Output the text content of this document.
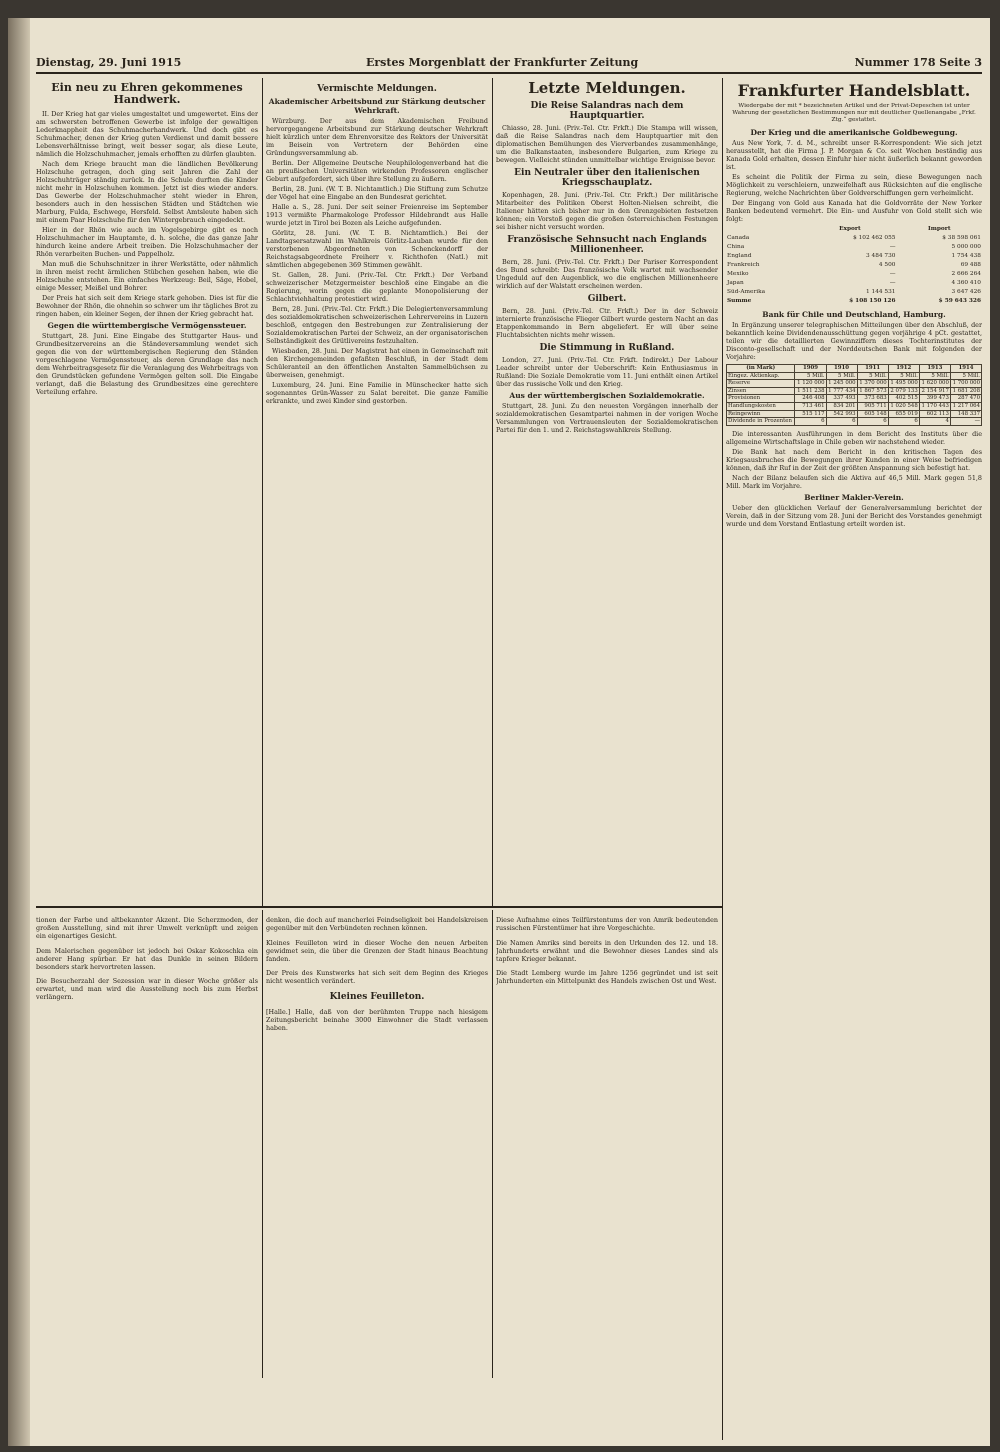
Dienstag, 29. Juni 1915	Erstes Morgenblatt der Frankfurter Zeitung	Nummer 178 Seite 3
Ein neu zu Ehren gekommenes Handwerk.

II. Der Krieg hat gar vieles umgestaltet und umgewertet. Eins der am schwersten betroffenen Gewerbe ist infolge der gewaltigen Lederknappheit das Schuhmacherhandwerk. Und doch gibt es Schuhmacher, denen der Krieg guten Verdienst und damit bessere Lebensverhältnisse bringt, weit besser sogar, als diese Leute, nämlich die Holzschuhmacher, jemals erhofften zu dürfen glaubten.

Nach dem Kriege braucht man die ländlichen Bevölkerung Holzschuhe getragen, doch ging seit Jahren die Zahl der Holzschuhträger ständig zurück. In die Schule durften die Kinder nicht mehr in Holzschuhen kommen. Jetzt ist dies wieder anders. Das Gewerbe der Holzschuhmacher steht wieder in Ehren, besonders auch in den hessischen Städten und Städtchen wie Marburg, Fulda, Eschwege, Hersfeld. Selbst Amtsleute haben sich mit einem Paar Holzschuhe für den Wintergebrauch eingedeckt.

Hier in der Rhön wie auch im Vogelsgebirge gibt es noch Holzschuhmacher im Hauptamte, d. h. solche, die das ganze Jahr hindurch keine andere Arbeit treiben. Die Holzschuhmacher der Rhön verarbeiten Buchen- und Pappelholz.

Man muß die Schuhschnitzer in ihrer Werkstätte, oder nähmlich in ihren meist recht ärmlichen Stübchen gesehen haben, wie die Holzschuhe entstehen. Ein einfaches Werkzeug: Beil, Säge, Hobel, einige Messer, Meißel und Bohrer.

Der Preis hat sich seit dem Kriege stark gehoben. Dies ist für die Bewohner der Rhön, die ohnehin so schwer um ihr tägliches Brot zu ringen haben, ein kleiner Segen, der ihnen der Krieg gebracht hat.

Gegen die württembergische Vermögenssteuer.

Stuttgart, 28. Juni. Eine Eingabe des Stuttgarter Haus- und Grundbesitzervereins an die Ständeversammlung wendet sich gegen die von der württembergischen Regierung den Ständen vorgeschlagene Vermögenssteuer, als deren Grundlage das nach dem Wehrbeitragsgesetz für die Veranlagung des Wehrbeitrags von den Grundstücken gefundene Vermögen gelten soll. Die Eingabe verlangt, daß die Belastung des Grundbesitzes eine gerechtere Verteilung erfahre.

Vermischte Meldungen.
Akademischer Arbeitsbund zur Stärkung deutscher Wehrkraft.

Würzburg. Der aus dem Akademischen Freibund hervorgegangene Arbeitsbund zur Stärkung deutscher Wehrkraft hielt kürzlich unter dem Ehrenvorsitze des Rektors der Universität im Beisein von Vertretern der Behörden eine Gründungsversammlung ab.

Berlin. Der Allgemeine Deutsche Neuphilologenverband hat die an preußischen Universitäten wirkenden Professoren englischer Geburt aufgefordert, sich über ihre Stellung zu äußern.

Berlin, 28. Juni. (W. T. B. Nichtamtlich.) Die Stiftung zum Schutze der Vögel hat eine Eingabe an den Bundesrat gerichtet.

Halle a. S., 28. Juni. Der seit seiner Freienreise im September 1913 vermißte Pharmakologe Professor Hildebrandt aus Halle wurde jetzt in Tirol bei Bozen als Leiche aufgefunden.

Görlitz, 28. Juni. (W. T. B. Nichtamtlich.) Bei der Landtagsersatzwahl im Wahlkreis Görlitz-Lauban wurde für den verstorbenen Abgeordneten von Schenckendorff der Reichstagsabgeordnete Freiherr v. Richthofen (Natl.) mit sämtlichen abgegebenen 369 Stimmen gewählt.

St. Gallen, 28. Juni. (Priv.-Tel. Ctr. Frkft.) Der Verband schweizerischer Metzgermeister beschloß eine Eingabe an die Regierung, worin gegen die geplante Monopolisierung der Schlachtviehhaltung protestiert wird.

Bern, 28. Juni. (Priv.-Tel. Ctr. Frkft.) Die Delegiertenversammlung des sozialdemokratischen schweizerischen Lehrervereins in Luzern beschloß, entgegen den Bestrebungen zur Zentralisierung der Sozialdemokratischen Partei der Schweiz, an der organisatorischen Selbständigkeit des Grütlivereins festzuhalten.

Wiesbaden, 28. Juni. Der Magistrat hat einen in Gemeinschaft mit den Kirchengemeinden gefaßten Beschluß, in der Stadt dem Schüleranteil an den öffentlichen Anstalten Sammelbüchsen zu überweisen, genehmigt.

Luxemburg, 24. Juni. Eine Familie in Münschecker hatte sich sogenanntes Grün-Wasser zu Salat bereitet. Die ganze Familie erkrankte, und zwei Kinder sind gestorben.

Letzte Meldungen.
Die Reise Salandras nach dem Hauptquartier.

Chiasso, 28. Juni. (Priv.-Tel. Ctr. Frkft.) Die Stampa will wissen, daß die Reise Salandras nach dem Hauptquartier mit den diplomatischen Bemühungen des Vierverbandes zusammenhänge, um die Balkanstaaten, insbesondere Bulgarien, zum Kriege zu bewegen. Vielleicht stünden unmittelbar wichtige Ereignisse bevor.

Ein Neutraler über den italienischen Kriegsschauplatz.

Kopenhagen, 28. Juni. (Priv.-Tel. Ctr. Frkft.) Der militärische Mitarbeiter des Politiken Oberst Holten-Nielsen schreibt, die Italiener hätten sich bisher nur in den Grenzgebieten festsetzen können; ein Vorstoß gegen die großen österreichischen Festungen sei bisher nicht versucht worden.

Französische Sehnsucht nach Englands Millionenheer.

Bern, 28. Juni. (Priv.-Tel. Ctr. Frkft.) Der Pariser Korrespondent des Bund schreibt: Das französische Volk wartet mit wachsender Ungeduld auf den Augenblick, wo die englischen Millionenheere wirklich auf der Walstatt erscheinen werden.

Gilbert.

Bern, 28. Juni. (Priv.-Tel. Ctr. Frkft.) Der in der Schweiz internierte französische Flieger Gilbert wurde gestern Nacht an das Etappenkommando in Bern abgeliefert. Er will über seine Fluchtabsichten nichts mehr wissen.

Die Stimmung in Rußland.

London, 27. Juni. (Priv.-Tel. Ctr. Frkft. Indirekt.) Der Labour Leader schreibt unter der Ueberschrift: Kein Enthusiasmus in Rußland: Die Soziale Demokratie vom 11. Juni enthält einen Artikel über das russische Volk und den Krieg.

Aus der württembergischen Sozialdemokratie.

Stuttgart, 28. Juni. Zu den neuesten Vorgängen innerhalb der sozialdemokratischen Gesamtpartei nahmen in der vorigen Woche Versammlungen von Vertrauensleuten der Sozialdemokratischen Partei für den 1. und 2. Reichstagswahlkreis Stellung.

Frankfurter Handelsblatt.
Wiedergabe der mit * bezeichneten Artikel und der Privat-Depeschen ist unter Wahrung der gesetzlichen Bestimmungen nur mit deutlicher Quellenangabe „Frkf. Ztg.“ gestattet.
Der Krieg und die amerikanische Goldbewegung.

Aus New York, 7. d. M., schreibt unser R-Korrespondent: Wie sich jetzt herausstellt, hat die Firma J. P. Morgan & Co. seit Wochen beständig aus Kanada Gold erhalten, dessen Einfuhr hier nicht äußerlich bekannt geworden ist.

Es scheint die Politik der Firma zu sein, diese Bewegungen nach Möglichkeit zu verschleiern, unzweifelhaft aus Rücksichten auf die englische Regierung, welche Nachrichten über Goldverschiffungen gern verheimlicht.

Der Eingang von Gold aus Kanada hat die Goldvorräte der New Yorker Banken bedeutend vermehrt. Die Ein- und Ausfuhr von Gold stellt sich wie folgt:

	Export	Import
Canada	$ 102 462 055	$ 38 598 061
China	—	5 000 000
England	3 484 730	1 754 438
Frankreich	4 500	69 488
Mexiko	—	2 666 264
Japan	—	4 360 410
Süd-Amerika	1 144 531	3 647 426
Summe	$ 108 150 126	$ 59 643 326
Bank für Chile und Deutschland, Hamburg.

In Ergänzung unserer telegraphischen Mitteilungen über den Abschluß, der bekanntlich keine Dividendenausschüttung gegen vorjährige 4 pCt. gestattet, teilen wir die detaillierten Gewinnziffern dieses Tochterinstitutes der Disconto-gesellschaft und der Norddeutschen Bank mit folgenden der Vorjahre:

(in Mark)	1909	1910	1911	1912	1913	1914
Eingez. Aktienkap.	5 Mill.	5 Mill.	5 Mill.	5 Mill.	5 Mill.	5 Mill.
Reserve	1 120 000	1 245 000	1 370 000	1 495 000	1 620 000	1 700 000
Zinsen	1 511 238	1 777 434	1 867 573	2 079 133	2 154 917	1 681 208
Provisionen	246 408	337 493	373 683	402 515	399 473	287 470
Handlungskosten	713 461	834 201	905 711	1 020 548	1 170 443	1 217 064
Reingewinn	515 117	542 993	605 148	655 019	602 113	148 337
Dividende in Prozenten	6	6	6	6	4	—

Die interessanten Ausführungen in dem Bericht des Instituts über die allgemeine Wirtschaftslage in Chile geben wir nachstehend wieder.

Die Bank hat nach dem Bericht in den kritischen Tagen des Kriegsausbruches die Bewegungen ihrer Kunden in einer Weise befriedigen können, daß ihr Ruf in der Zeit der größten Anspannung sich befestigt hat.

Nach der Bilanz belaufen sich die Aktiva auf 46,5 Mill. Mark gegen 51,8 Mill. Mark im Vorjahre.

Berliner Makler-Verein.

Ueber den glücklichen Verlauf der Generalversammlung berichtet der Verein, daß in der Sitzung vom 28. Juni der Bericht des Vorstandes genehmigt wurde und dem Vorstand Entlastung erteilt worden ist.

tionen der Farbe und altbekannter Akzent. Die Scherzmoden, der großen Ausstellung, sind mit ihrer Umwelt verknüpft und zeigen ein eigenartiges Gesicht.

Dem Malerischen gegenüber ist jedoch bei Oskar Kokoschka ein anderer Hang spürbar. Er hat das Dunkle in seinen Bildern besonders stark hervortreten lassen.

Die Besucherzahl der Sezession war in dieser Woche größer als erwartet, und man wird die Ausstellung noch bis zum Herbst verlängern.

denken, die doch auf mancherlei Feindseligkeit bei Handelskreisen gegenüber mit den Verbündeten rechnen können.

Kleines Feuilleton wird in dieser Woche den neuen Arbeiten gewidmet sein, die über die Grenzen der Stadt hinaus Beachtung fanden.

Der Preis des Kunstwerks hat sich seit dem Beginn des Krieges nicht wesentlich verändert.

Kleines Feuilleton.

[Halle.] Halle, daß von der berühmten Truppe nach hiesigem Zeitungsbericht beinahe 3000 Einwohner die Stadt verlassen haben.

Diese Aufnahme eines Teilfürstentums der von Amrik bedeutenden russischen Fürstentümer hat ihre Vorgeschichte.

Die Namen Amriks sind bereits in den Urkunden des 12. und 18. Jahrhunderts erwähnt und die Bewohner dieses Landes sind als tapfere Krieger bekannt.

Die Stadt Lemberg wurde im Jahre 1256 gegründet und ist seit Jahrhunderten ein Mittelpunkt des Handels zwischen Ost und West.
